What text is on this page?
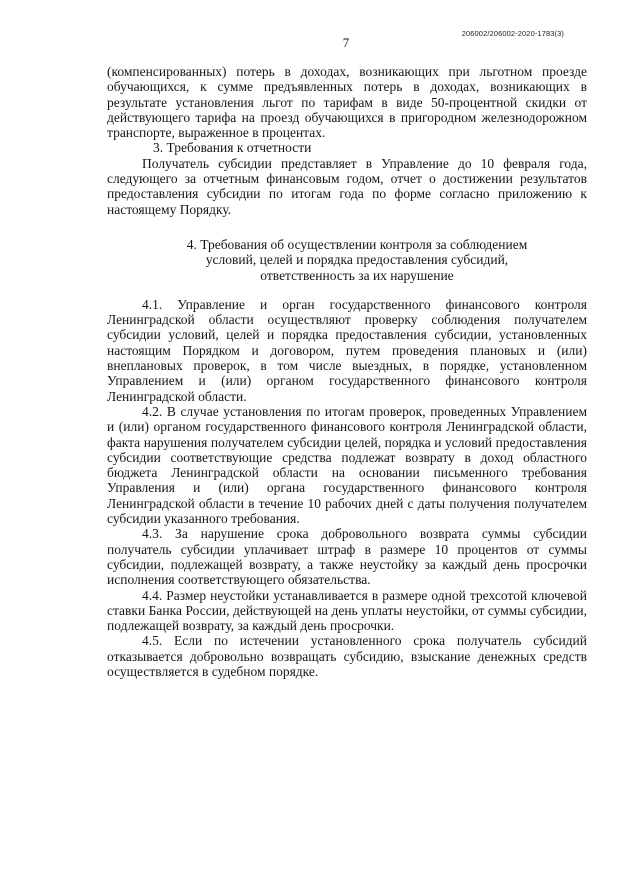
206002/206002-2020-1783(3)
7

(компенсированных) потерь в доходах, возникающих при льготном проезде обучающихся, к сумме предъявленных потерь в доходах, возникающих в результате установления льгот по тарифам в виде 50-процентной скидки от действующего тарифа на проезд обучающихся в пригородном железнодорожном транспорте, выраженное в процентах.

3. Требования к отчетности

Получатель субсидии представляет в Управление до 10 февраля года, следующего за отчетным финансовым годом, отчет о достижении результатов предоставления субсидии по итогам года по форме согласно приложению к настоящему Порядку.

4. Требования об осуществлении контроля за соблюдением
условий, целей и порядка предоставления субсидий,
ответственность за их нарушение

4.1. Управление и орган государственного финансового контроля Ленинградской области осуществляют проверку соблюдения получателем субсидии условий, целей и порядка предоставления субсидии, установленных настоящим Порядком и договором, путем проведения плановых и (или) внеплановых проверок, в том числе выездных, в порядке, установленном Управлением и (или) органом государственного финансового контроля Ленинградской области.

4.2. В случае установления по итогам проверок, проведенных Управлением и (или) органом государственного финансового контроля Ленинградской области, факта нарушения получателем субсидии целей, порядка и условий предоставления субсидии соответствующие средства подлежат возврату в доход областного бюджета Ленинградской области на основании письменного требования Управления и (или) органа государственного финансового контроля Ленинградской области в течение 10 рабочих дней с даты получения получателем субсидии указанного требования.

4.3. За нарушение срока добровольного возврата суммы субсидии получатель субсидии уплачивает штраф в размере 10 процентов от суммы субсидии, подлежащей возврату, а также неустойку за каждый день просрочки исполнения соответствующего обязательства.

4.4. Размер неустойки устанавливается в размере одной трехсотой ключевой ставки Банка России, действующей на день уплаты неустойки, от суммы субсидии, подлежащей возврату, за каждый день просрочки.

4.5. Если по истечении установленного срока получатель субсидий отказывается добровольно возвращать субсидию, взыскание денежных средств осуществляется в судебном порядке.
